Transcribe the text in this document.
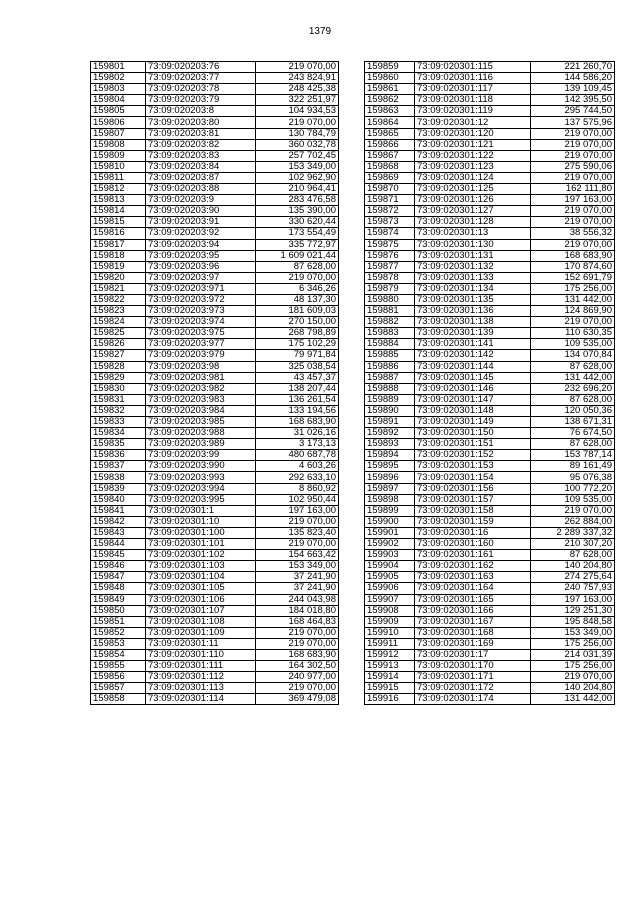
1379
159801	73:09:020203:76	219 070,00
159802	73:09:020203:77	243 824,91
159803	73:09:020203:78	248 425,38
159804	73:09:020203:79	322 251,97
159805	73:09:020203:8	104 934,53
159806	73:09:020203:80	219 070,00
159807	73:09:020203:81	130 784,79
159808	73:09:020203:82	360 032,78
159809	73:09:020203:83	257 702,45
159810	73:09:020203:84	153 349,00
159811	73:09:020203:87	102 962,90
159812	73:09:020203:88	210 964,41
159813	73:09:020203:9	283 476,58
159814	73:09:020203:90	135 390,00
159815	73:09:020203:91	330 620,44
159816	73:09:020203:92	173 554,49
159817	73:09:020203:94	335 772,97
159818	73:09:020203:95	1 609 021,44
159819	73:09:020203:96	87 628,00
159820	73:09:020203:97	219 070,00
159821	73:09:020203:971	6 346,26
159822	73:09:020203:972	48 137,30
159823	73:09:020203:973	181 609,03
159824	73:09:020203:974	270 150,00
159825	73:09:020203:975	268 798,89
159826	73:09:020203:977	175 102,29
159827	73:09:020203:979	79 971,84
159828	73:09:020203:98	325 038,54
159829	73:09:020203:981	43 457,37
159830	73:09:020203:982	138 207,44
159831	73:09:020203:983	136 261,54
159832	73:09:020203:984	133 194,56
159833	73:09:020203:985	168 683,90
159834	73:09:020203:988	31 026,16
159835	73:09:020203:989	3 173,13
159836	73:09:020203:99	480 687,78
159837	73:09:020203:990	4 603,26
159838	73:09:020203:993	292 633,10
159839	73:09:020203:994	8 860,92
159840	73:09:020203:995	102 950,44
159841	73:09:020301:1	197 163,00
159842	73:09:020301:10	219 070,00
159843	73:09:020301:100	135 823,40
159844	73:09:020301:101	219 070,00
159845	73:09:020301:102	154 663,42
159846	73:09:020301:103	153 349,00
159847	73:09:020301:104	37 241,90
159848	73:09:020301:105	37 241,90
159849	73:09:020301:106	244 043,98
159850	73:09:020301:107	184 018,80
159851	73:09:020301:108	168 464,83
159852	73:09:020301:109	219 070,00
159853	73:09:020301:11	219 070,00
159854	73:09:020301:110	168 683,90
159855	73:09:020301:111	164 302,50
159856	73:09:020301:112	240 977,00
159857	73:09:020301:113	219 070,00
159858	73:09:020301:114	369 479,08
159859	73:09:020301:115	221 260,70
159860	73:09:020301:116	144 586,20
159861	73:09:020301:117	139 109,45
159862	73:09:020301:118	142 395,50
159863	73:09:020301:119	295 744,50
159864	73:09:020301:12	137 575,96
159865	73:09:020301:120	219 070,00
159866	73:09:020301:121	219 070,00
159867	73:09:020301:122	219 070,00
159868	73:09:020301:123	275 590,06
159869	73:09:020301:124	219 070,00
159870	73:09:020301:125	162 111,80
159871	73:09:020301:126	197 163,00
159872	73:09:020301:127	219 070,00
159873	73:09:020301:128	219 070,00
159874	73:09:020301:13	38 556,32
159875	73:09:020301:130	219 070,00
159876	73:09:020301:131	168 683,90
159877	73:09:020301:132	170 874,60
159878	73:09:020301:133	152 691,79
159879	73:09:020301:134	175 256,00
159880	73:09:020301:135	131 442,00
159881	73:09:020301:136	124 869,90
159882	73:09:020301:138	219 070,00
159883	73:09:020301:139	110 630,35
159884	73:09:020301:141	109 535,00
159885	73:09:020301:142	134 070,84
159886	73:09:020301:144	87 628,00
159887	73:09:020301:145	131 442,00
159888	73:09:020301:146	232 696,20
159889	73:09:020301:147	87 628,00
159890	73:09:020301:148	120 050,36
159891	73:09:020301:149	138 671,31
159892	73:09:020301:150	76 674,50
159893	73:09:020301:151	87 628,00
159894	73:09:020301:152	153 787,14
159895	73:09:020301:153	89 161,49
159896	73:09:020301:154	95 076,38
159897	73:09:020301:156	100 772,20
159898	73:09:020301:157	109 535,00
159899	73:09:020301:158	219 070,00
159900	73:09:020301:159	262 884,00
159901	73:09:020301:16	2 289 337,32
159902	73:09:020301:160	210 307,20
159903	73:09:020301:161	87 628,00
159904	73:09:020301:162	140 204,80
159905	73:09:020301:163	274 275,64
159906	73:09:020301:164	240 757,93
159907	73:09:020301:165	197 163,00
159908	73:09:020301:166	129 251,30
159909	73:09:020301:167	195 848,58
159910	73:09:020301:168	153 349,00
159911	73:09:020301:169	175 256,00
159912	73:09:020301:17	214 031,39
159913	73:09:020301:170	175 256,00
159914	73:09:020301:171	219 070,00
159915	73:09:020301:172	140 204,80
159916	73:09:020301:174	131 442,00
